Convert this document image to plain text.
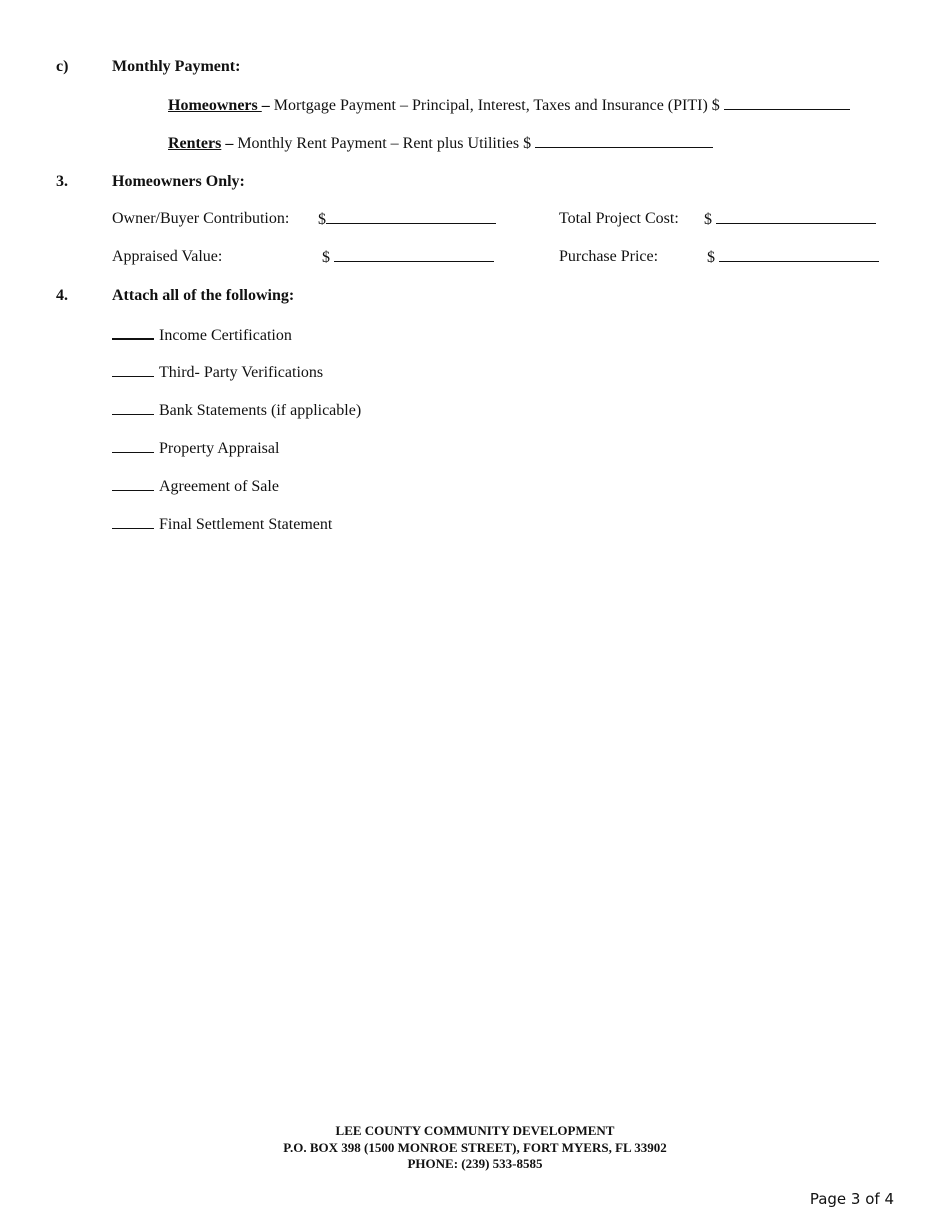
c)	Monthly Payment:
Homeowners – Mortgage Payment – Principal, Interest, Taxes and Insurance (PITI) $
Renters – Monthly Rent Payment – Rent plus Utilities $
3.	Homeowners Only:
Owner/Buyer Contribution: $	Total Project Cost: $
Appraised Value:	$	Purchase Price:	$
4.	Attach all of the following:
Income Certification
Third- Party Verifications
Bank Statements (if applicable)
Property Appraisal
Agreement of Sale
Final Settlement Statement
LEE COUNTY COMMUNITY DEVELOPMENT
P.O. BOX 398 (1500 MONROE STREET), FORT MYERS, FL 33902
PHONE: (239) 533-8585
Page 3 of 4
